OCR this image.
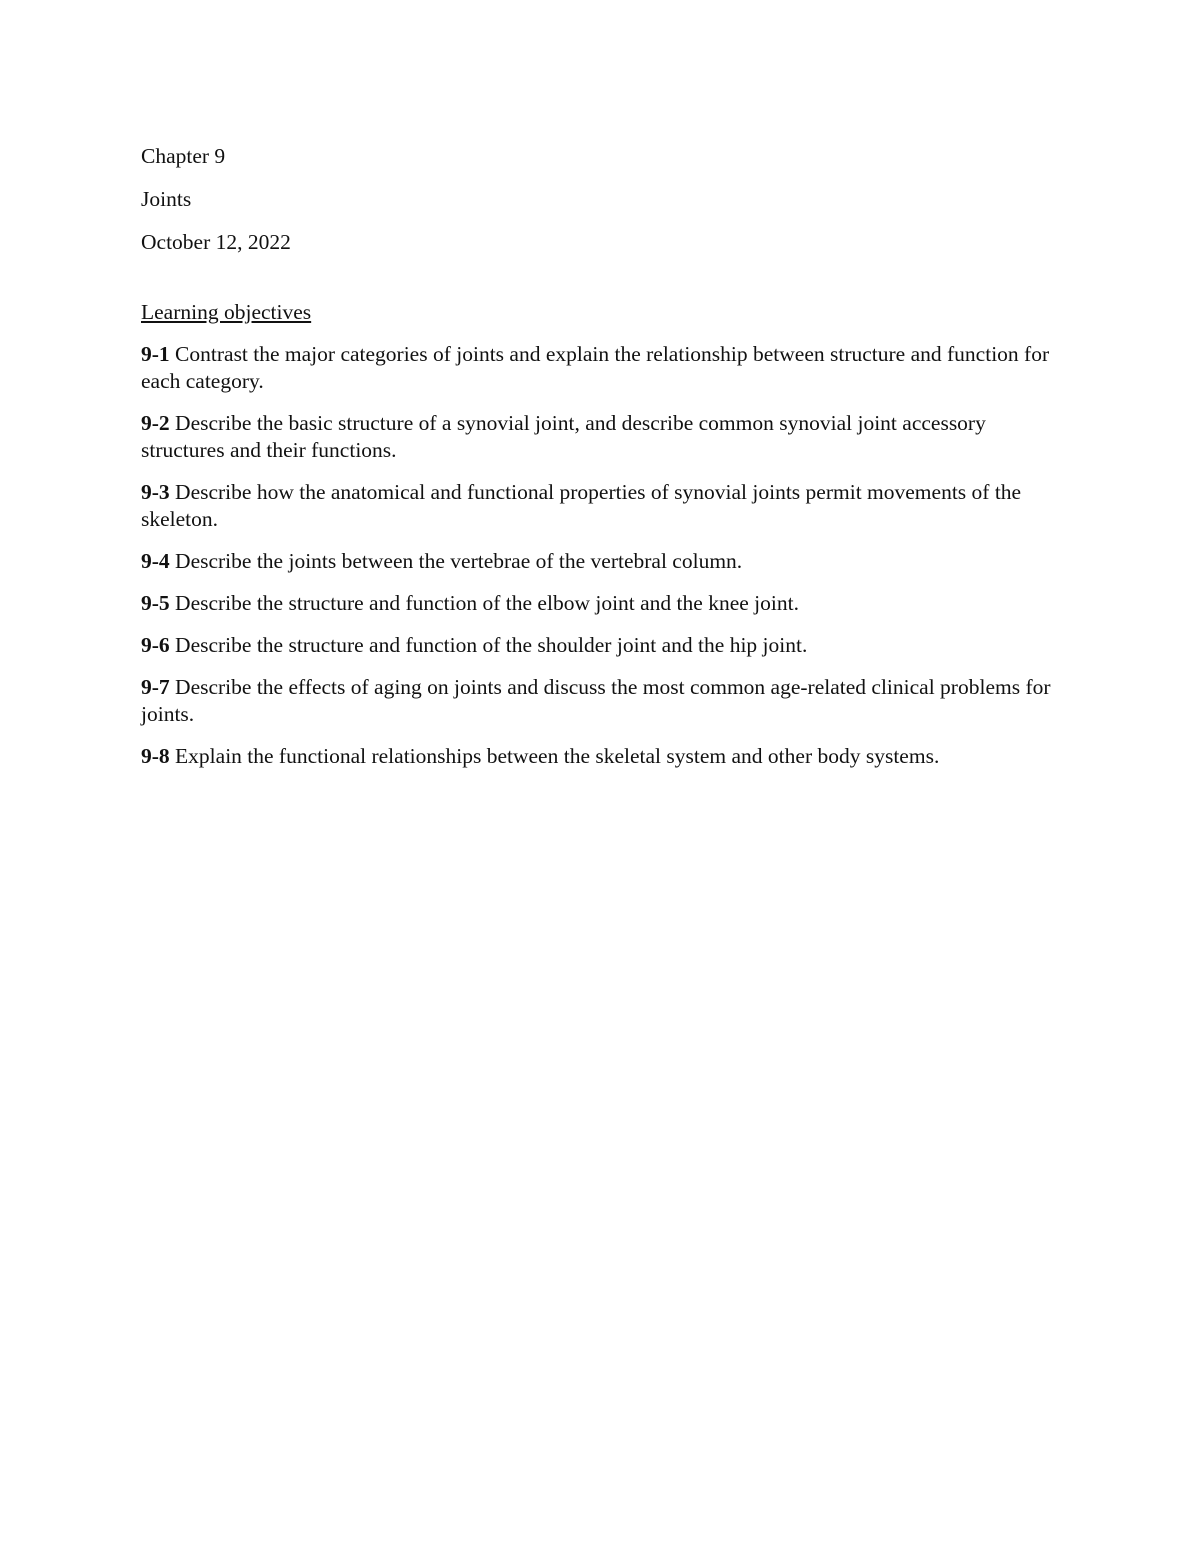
Chapter 9

Joints

October 12, 2022

Learning objectives

9-1 Contrast the major categories of joints and explain the relationship between structure and function for each category.

9-2 Describe the basic structure of a synovial joint, and describe common synovial joint accessory structures and their functions.

9-3 Describe how the anatomical and functional properties of synovial joints permit movements of the skeleton.

9-4 Describe the joints between the vertebrae of the vertebral column.

9-5 Describe the structure and function of the elbow joint and the knee joint.

9-6 Describe the structure and function of the shoulder joint and the hip joint.

9-7 Describe the effects of aging on joints and discuss the most common age-related clinical problems for joints.

9-8 Explain the functional relationships between the skeletal system and other body systems.
